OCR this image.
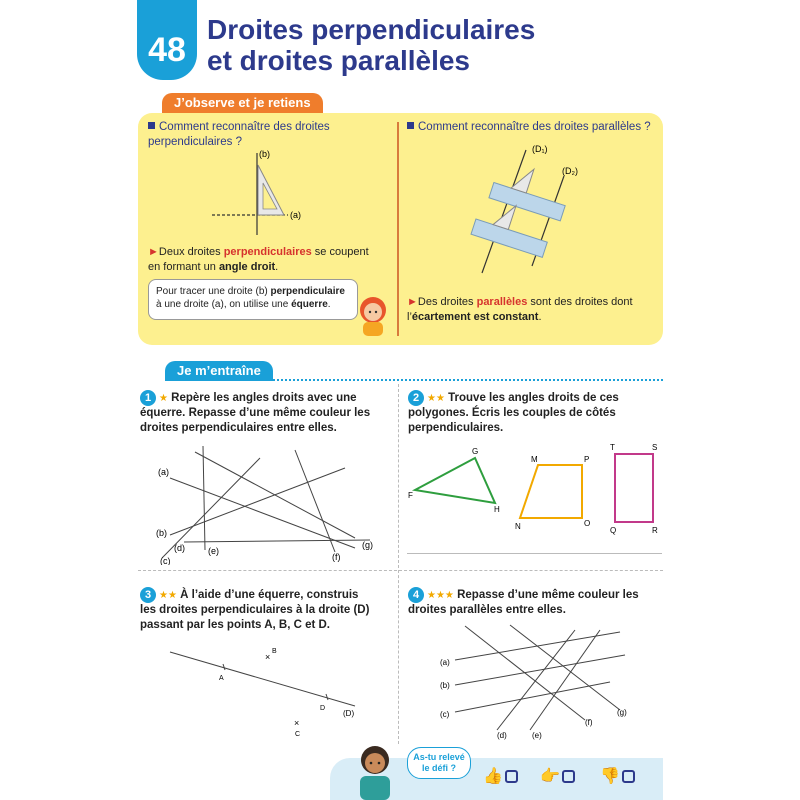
48
Droites perpendiculaires
et droites parallèles
J’observe et je retiens
Comment reconnaître des droites
perpendiculaires ?
(b)
(a)
►Deux droites perpendiculaires se coupent
en formant un angle droit.
Pour tracer une droite (b) perpendiculaire
à une droite (a), on utilise une équerre.
Comment reconnaître des droites parallèles ?
(D₁)
(D₂)
►Des droites parallèles sont des droites dont
l’écartement est constant.
Je m’entraîne
1 ★ Repère les angles droits avec une
équerre. Repasse d’une même couleur les
droites perpendiculaires entre elles.
(a)
(b)
(c)
(d)	(e)
(f)
(g)
2 ★★ Trouve les angles droits de ces
polygones. Écris les couples de côtés
perpendiculaires.
G
F
H
M	P
N	O
T	S
Q	R
3 ★★ À l’aide d’une équerre, construis
les droites perpendiculaires à la droite (D)
passant par les points A, B, C et D.
×
B
A
D
(D)
×
C
4 ★★★ Repasse d’une même couleur les
droites parallèles entre elles.
(a)
(b)
(c)
(d)	(e)
(f)
(g)
As-tu relevé
le défi ?	👍	👉	👎
